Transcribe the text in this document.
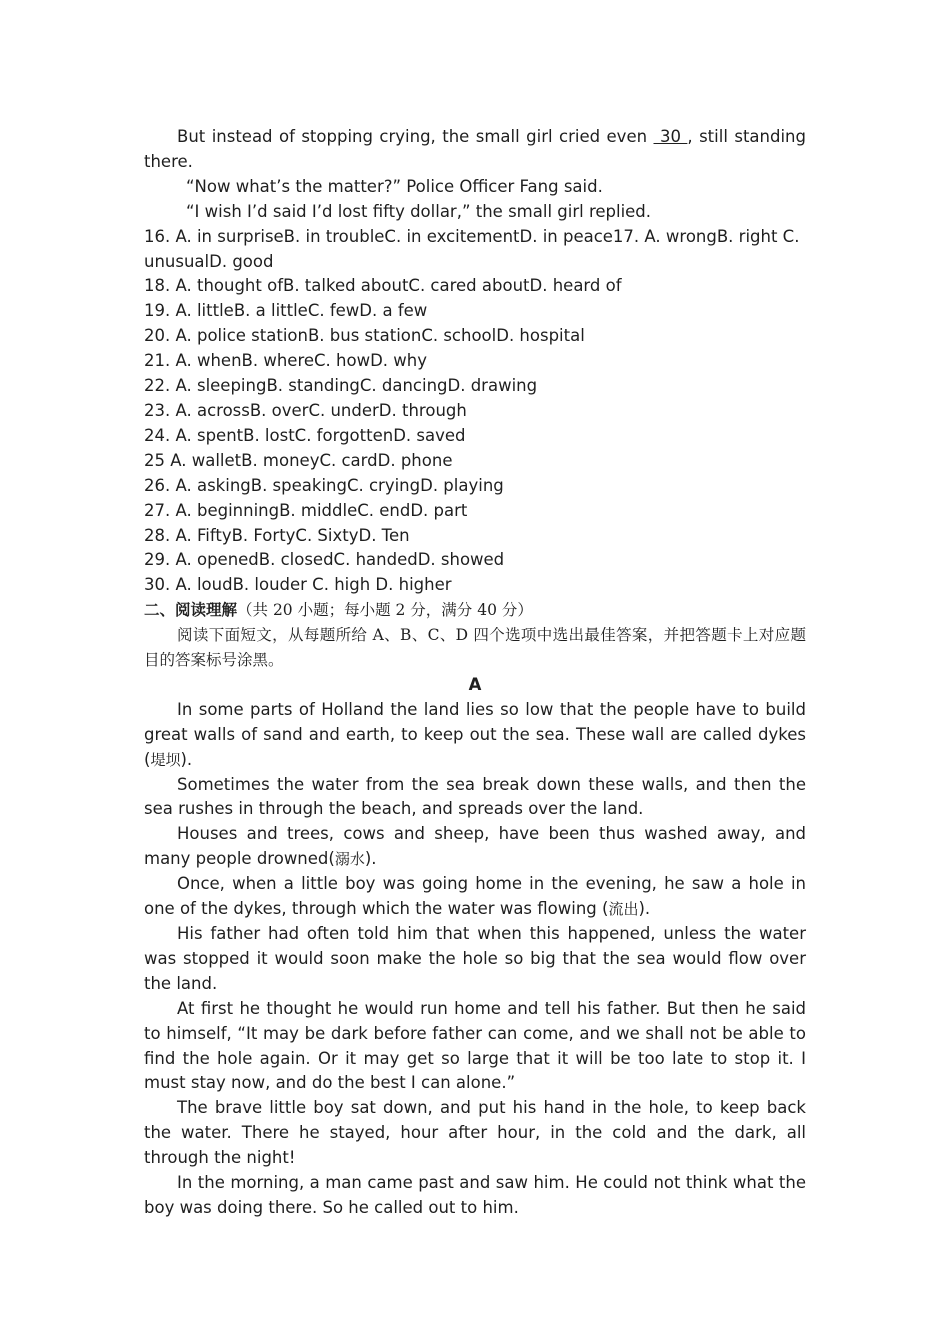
But instead of stopping crying, the small girl cried even  30 , still standing there.

“Now what’s the matter?” Police Officer Fang said.

“I wish I’d said I’d lost fifty dollar,” the small girl replied.

16. A. in surpriseB. in troubleC. in excitementD. in peace17. A. wrongB. right C. unusualD. good

18. A. thought ofB. talked aboutC. cared aboutD. heard of

19. A. littleB. a littleC. fewD. a few

20. A. police stationB. bus stationC. schoolD. hospital

21. A. whenB. whereC. howD. why

22. A. sleepingB. standingC. dancingD. drawing

23. A. acrossB. overC. underD. through

24. A. spentB. lostC. forgottenD. saved

25 A. walletB. moneyC. cardD. phone

26. A. askingB. speakingC. cryingD. playing

27. A. beginningB. middleC. endD. part

28. A. FiftyB. FortyC. SixtyD. Ten

29. A. openedB. closedC. handedD. showed

30. A. loudB. louder C. high D. higher

二、阅读理解（共 20 小题；每小题 2 分，满分 40 分）

阅读下面短文，从每题所给 A、B、C、D 四个选项中选出最佳答案，并把答题卡上对应题目的答案标号涂黑。

A

In some parts of Holland the land lies so low that the people have to build great walls of sand and earth, to keep out the sea. These wall are called dykes (堤坝).

Sometimes the water from the sea break down these walls, and then the sea rushes in through the beach, and spreads over the land.

Houses and trees, cows and sheep, have been thus washed away, and many people drowned(溺水).

Once, when a little boy was going home in the evening, he saw a hole in one of the dykes, through which the water was flowing (流出).

His father had often told him that when this happened, unless the water was stopped it would soon make the hole so big that the sea would flow over the land.

At first he thought he would run home and tell his father. But then he said to himself, “It may be dark before father can come, and we shall not be able to find the hole again. Or it may get so large that it will be too late to stop it. I must stay now, and do the best I can alone.”

The brave little boy sat down, and put his hand in the hole, to keep back the water. There he stayed, hour after hour, in the cold and the dark, all through the night!

In the morning, a man came past and saw him. He could not think what the boy was doing there. So he called out to him.
